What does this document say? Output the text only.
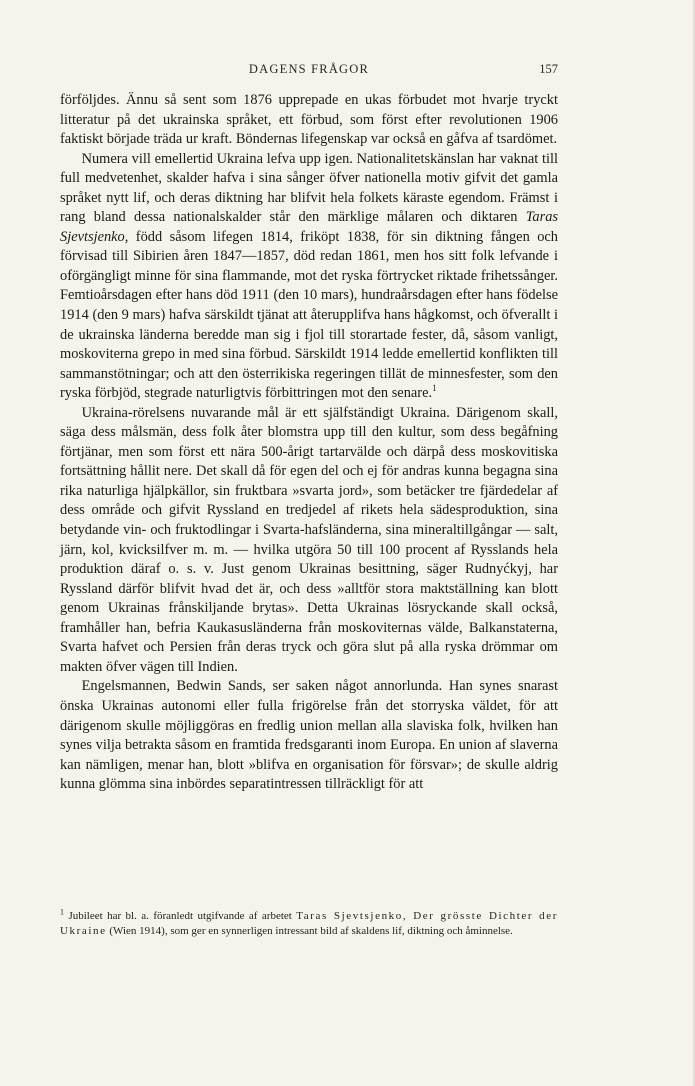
DAGENS FRÅGOR	157

förföljdes. Ännu så sent som 1876 upprepade en ukas förbudet mot hvarje tryckt litteratur på det ukrainska språket, ett förbud, som först efter revolutionen 1906 faktiskt började träda ur kraft. Böndernas lifegenskap var också en gåfva af tsardömet.

Numera vill emellertid Ukraina lefva upp igen. Nationalitetskänslan har vaknat till full medvetenhet, skalder hafva i sina sånger öfver nationella motiv gifvit det gamla språket nytt lif, och deras diktning har blifvit hela folkets käraste egendom. Främst i rang bland dessa nationalskalder står den märklige målaren och diktaren Taras Sjevtsjenko, född såsom lifegen 1814, friköpt 1838, för sin diktning fången och förvisad till Sibirien åren 1847—1857, död redan 1861, men hos sitt folk lefvande i oförgängligt minne för sina flammande, mot det ryska förtrycket riktade frihetssånger. Femtioårsdagen efter hans död 1911 (den 10 mars), hundraårsdagen efter hans födelse 1914 (den 9 mars) hafva särskildt tjänat att återupplifva hans hågkomst, och öfverallt i de ukrainska länderna beredde man sig i fjol till storartade fester, då, såsom vanligt, moskoviterna grepo in med sina förbud. Särskildt 1914 ledde emellertid konflikten till sammanstötningar; och att den österrikiska regeringen tillät de minnesfester, som den ryska förbjöd, stegrade naturligtvis förbittringen mot den senare.$^1$

Ukraina-rörelsens nuvarande mål är ett själfständigt Ukraina. Därigenom skall, säga dess målsmän, dess folk åter blomstra upp till den kultur, som dess begåfning förtjänar, men som först ett nära 500-årigt tartarvälde och därpå dess moskovitiska fortsättning hållit nere. Det skall då för egen del och ej för andras kunna begagna sina rika naturliga hjälpkällor, sin fruktbara »svarta jord», som betäcker tre fjärdedelar af dess område och gifvit Ryssland en tredjedel af rikets hela sädesproduktion, sina betydande vin- och fruktodlingar i Svarta-hafsländerna, sina mineraltillgångar — salt, järn, kol, kvicksilfver m. m. — hvilka utgöra 50 till 100 procent af Rysslands hela produktion däraf o. s. v. Just genom Ukrainas besittning, säger Rudnyćkyj, har Ryssland därför blifvit hvad det är, och dess »alltför stora maktställning kan blott genom Ukrainas frånskiljande brytas». Detta Ukrainas lösryckande skall också, framhåller han, befria Kaukasusländerna från moskoviternas välde, Balkanstaterna, Svarta hafvet och Persien från deras tryck och göra slut på alla ryska drömmar om makten öfver vägen till Indien.

Engelsmannen, Bedwin Sands, ser saken något annorlunda. Han synes snarast önska Ukrainas autonomi eller fulla frigörelse från det storryska väldet, för att därigenom skulle möjliggöras en fredlig union mellan alla slaviska folk, hvilken han synes vilja betrakta såsom en framtida fredsgaranti inom Europa. En union af slaverna kan nämligen, menar han, blott »blifva en organisation för försvar»; de skulle aldrig kunna glömma sina inbördes separatintressen tillräckligt för att

$^1$ Jubileet har bl. a. föranledt utgifvande af arbetet Taras Sjevtsjenko, Der grösste Dichter der Ukraine (Wien 1914), som ger en synnerligen intressant bild af skaldens lif, diktning och åminnelse.
